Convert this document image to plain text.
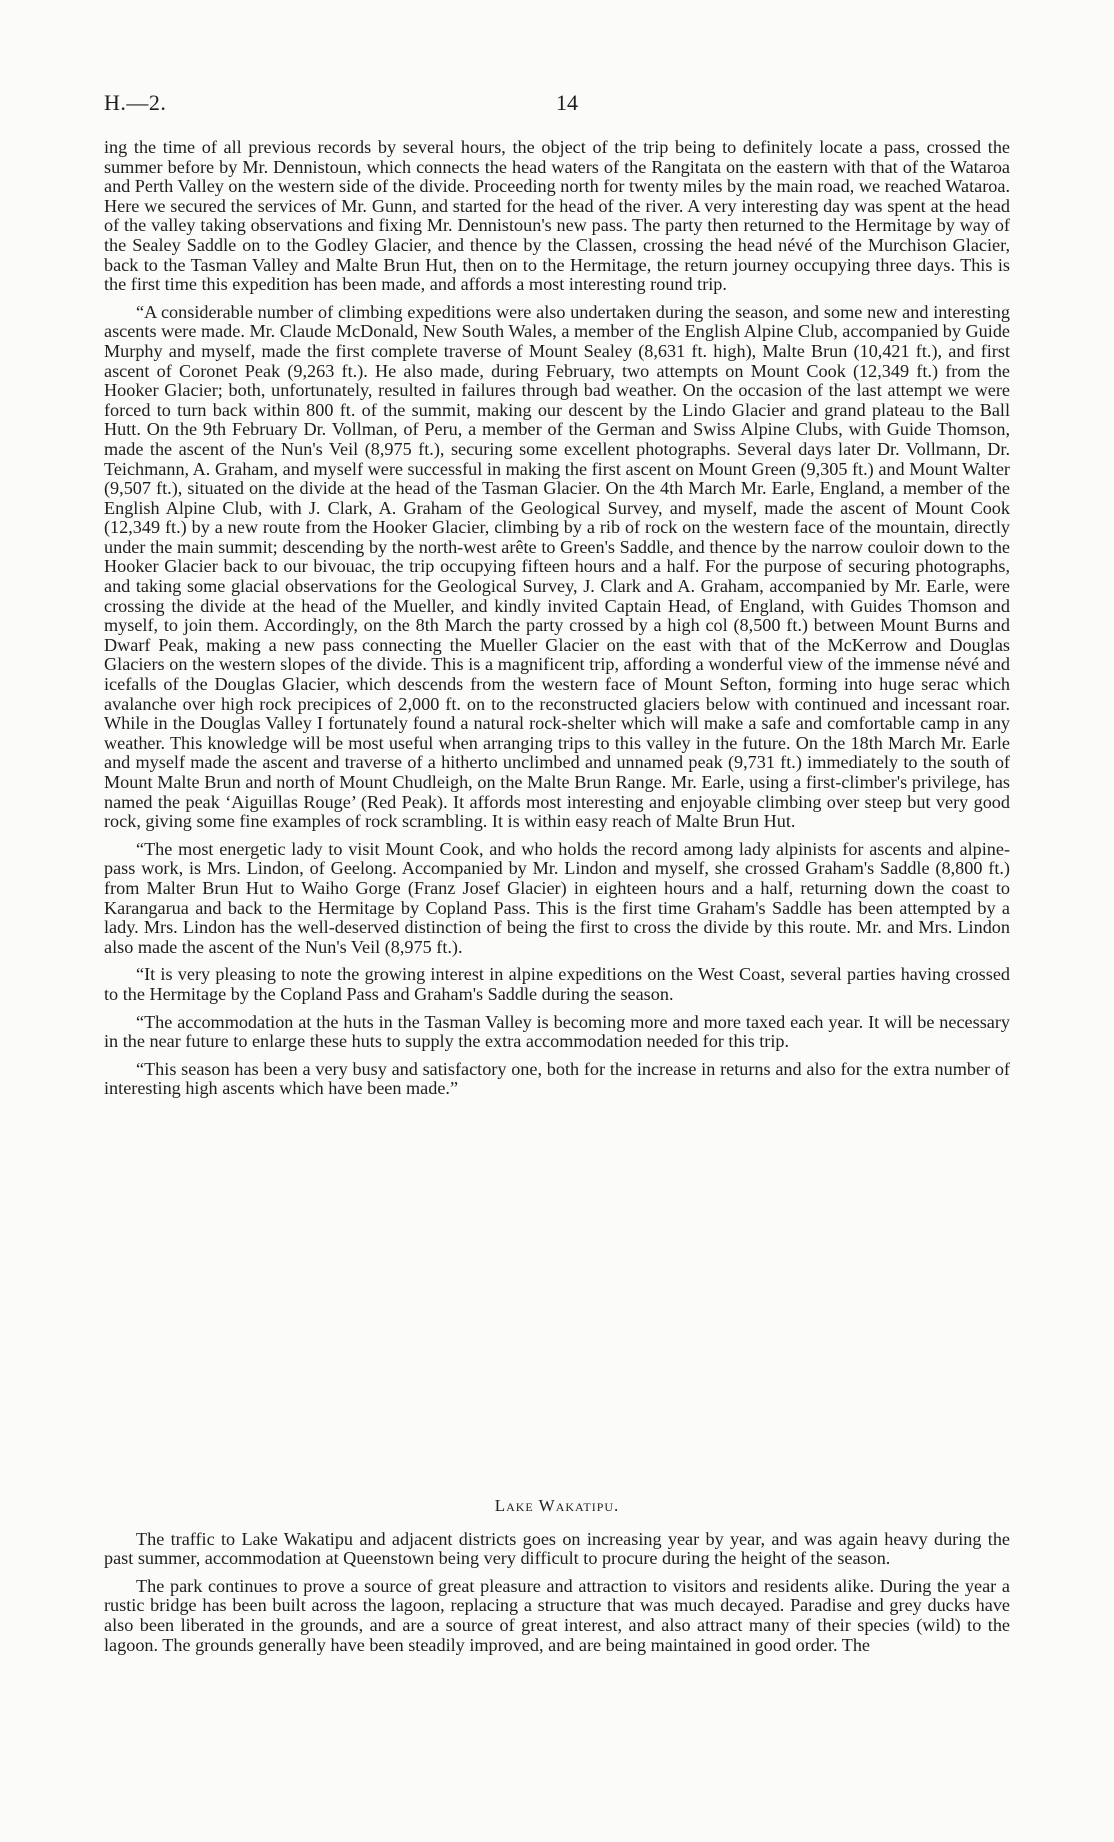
H.—2.	14

ing the time of all previous records by several hours, the object of the trip being to definitely locate a pass, crossed the summer before by Mr. Dennistoun, which connects the head waters of the Rangitata on the eastern with that of the Wataroa and Perth Valley on the western side of the divide. Proceeding north for twenty miles by the main road, we reached Wataroa. Here we secured the services of Mr. Gunn, and started for the head of the river. A very interesting day was spent at the head of the valley taking observations and fixing Mr. Dennistoun's new pass. The party then returned to the Hermitage by way of the Sealey Saddle on to the Godley Glacier, and thence by the Classen, crossing the head névé of the Murchison Glacier, back to the Tasman Valley and Malte Brun Hut, then on to the Hermitage, the return journey occupying three days. This is the first time this expedition has been made, and affords a most interesting round trip.

“A considerable number of climbing expeditions were also undertaken during the season, and some new and interesting ascents were made. Mr. Claude McDonald, New South Wales, a member of the English Alpine Club, accompanied by Guide Murphy and myself, made the first complete traverse of Mount Sealey (8,631 ft. high), Malte Brun (10,421 ft.), and first ascent of Coronet Peak (9,263 ft.). He also made, during February, two attempts on Mount Cook (12,349 ft.) from the Hooker Glacier; both, unfortunately, resulted in failures through bad weather. On the occasion of the last attempt we were forced to turn back within 800 ft. of the summit, making our descent by the Lindo Glacier and grand plateau to the Ball Hutt. On the 9th February Dr. Vollman, of Peru, a member of the German and Swiss Alpine Clubs, with Guide Thomson, made the ascent of the Nun's Veil (8,975 ft.), securing some excellent photographs. Several days later Dr. Vollmann, Dr. Teichmann, A. Graham, and myself were successful in making the first ascent on Mount Green (9,305 ft.) and Mount Walter (9,507 ft.), situated on the divide at the head of the Tasman Glacier. On the 4th March Mr. Earle, England, a member of the English Alpine Club, with J. Clark, A. Graham of the Geological Survey, and myself, made the ascent of Mount Cook (12,349 ft.) by a new route from the Hooker Glacier, climbing by a rib of rock on the western face of the mountain, directly under the main summit; descending by the north-west arête to Green's Saddle, and thence by the narrow couloir down to the Hooker Glacier back to our bivouac, the trip occupying fifteen hours and a half. For the purpose of securing photographs, and taking some glacial observations for the Geological Survey, J. Clark and A. Graham, accompanied by Mr. Earle, were crossing the divide at the head of the Mueller, and kindly invited Captain Head, of England, with Guides Thomson and myself, to join them. Accordingly, on the 8th March the party crossed by a high col (8,500 ft.) between Mount Burns and Dwarf Peak, making a new pass connecting the Mueller Glacier on the east with that of the McKerrow and Douglas Glaciers on the western slopes of the divide. This is a magnificent trip, affording a wonderful view of the immense névé and icefalls of the Douglas Glacier, which descends from the western face of Mount Sefton, forming into huge serac which avalanche over high rock precipices of 2,000 ft. on to the reconstructed glaciers below with continued and incessant roar. While in the Douglas Valley I fortunately found a natural rock-shelter which will make a safe and comfortable camp in any weather. This knowledge will be most useful when arranging trips to this valley in the future. On the 18th March Mr. Earle and myself made the ascent and traverse of a hitherto unclimbed and unnamed peak (9,731 ft.) immediately to the south of Mount Malte Brun and north of Mount Chudleigh, on the Malte Brun Range. Mr. Earle, using a first-climber's privilege, has named the peak ‘Aiguillas Rouge’ (Red Peak). It affords most interesting and enjoyable climbing over steep but very good rock, giving some fine examples of rock scrambling. It is within easy reach of Malte Brun Hut.

“The most energetic lady to visit Mount Cook, and who holds the record among lady alpinists for ascents and alpine-pass work, is Mrs. Lindon, of Geelong. Accompanied by Mr. Lindon and myself, she crossed Graham's Saddle (8,800 ft.) from Malter Brun Hut to Waiho Gorge (Franz Josef Glacier) in eighteen hours and a half, returning down the coast to Karangarua and back to the Hermitage by Copland Pass. This is the first time Graham's Saddle has been attempted by a lady. Mrs. Lindon has the well-deserved distinction of being the first to cross the divide by this route. Mr. and Mrs. Lindon also made the ascent of the Nun's Veil (8,975 ft.).

“It is very pleasing to note the growing interest in alpine expeditions on the West Coast, several parties having crossed to the Hermitage by the Copland Pass and Graham's Saddle during the season.

“The accommodation at the huts in the Tasman Valley is becoming more and more taxed each year. It will be necessary in the near future to enlarge these huts to supply the extra accommodation needed for this trip.

“This season has been a very busy and satisfactory one, both for the increase in returns and also for the extra number of interesting high ascents which have been made.”

Lake Wakatipu.

The traffic to Lake Wakatipu and adjacent districts goes on increasing year by year, and was again heavy during the past summer, accommodation at Queenstown being very difficult to procure during the height of the season.

The park continues to prove a source of great pleasure and attraction to visitors and residents alike. During the year a rustic bridge has been built across the lagoon, replacing a structure that was much decayed. Paradise and grey ducks have also been liberated in the grounds, and are a source of great interest, and also attract many of their species (wild) to the lagoon. The grounds generally have been steadily improved, and are being maintained in good order. The
